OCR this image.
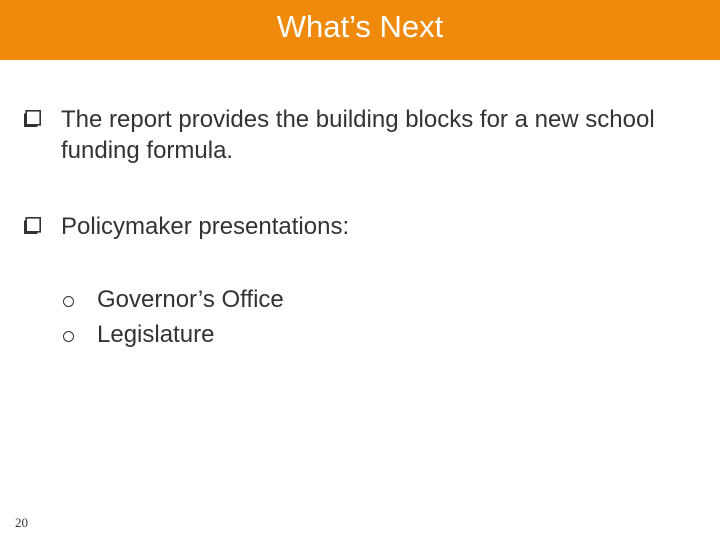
What’s Next
The report provides the building blocks for a new school funding formula.
Policymaker presentations:
Governor’s Office
Legislature
20
